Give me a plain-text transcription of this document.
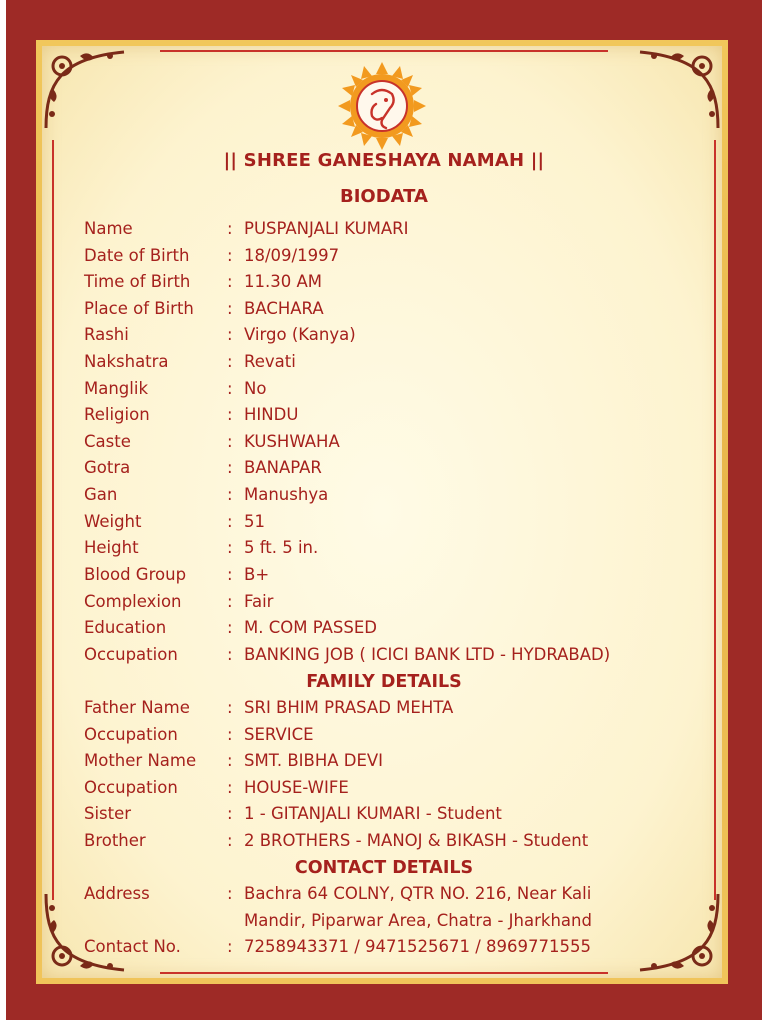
|| SHREE GANESHAYA NAMAH ||
BIODATA
Name	: PUSPANJALI KUMARI
Date of Birth	: 18/09/1997
Time of Birth	: 11.30 AM
Place of Birth	: BACHARA
Rashi	: Virgo (Kanya)
Nakshatra	: Revati
Manglik	: No
Religion	: HINDU
Caste	: KUSHWAHA
Gotra	: BANAPAR
Gan	: Manushya
Weight	: 51
Height	: 5 ft. 5 in.
Blood Group	: B+
Complexion	: Fair
Education	: M. COM PASSED
Occupation	: BANKING JOB ( ICICI BANK LTD - HYDRABAD)
FAMILY DETAILS
Father Name	: SRI BHIM PRASAD MEHTA
Occupation	: SERVICE
Mother Name	: SMT. BIBHA DEVI
Occupation	: HOUSE-WIFE
Sister	: 1 - GITANJALI KUMARI - Student
Brother	: 2 BROTHERS - MANOJ & BIKASH - Student
CONTACT DETAILS
Address	: Bachra 64 COLNY, QTR NO. 216, Near Kali
Mandir, Piparwar Area, Chatra - Jharkhand
Contact No.	: 7258943371 / 9471525671 / 8969771555
